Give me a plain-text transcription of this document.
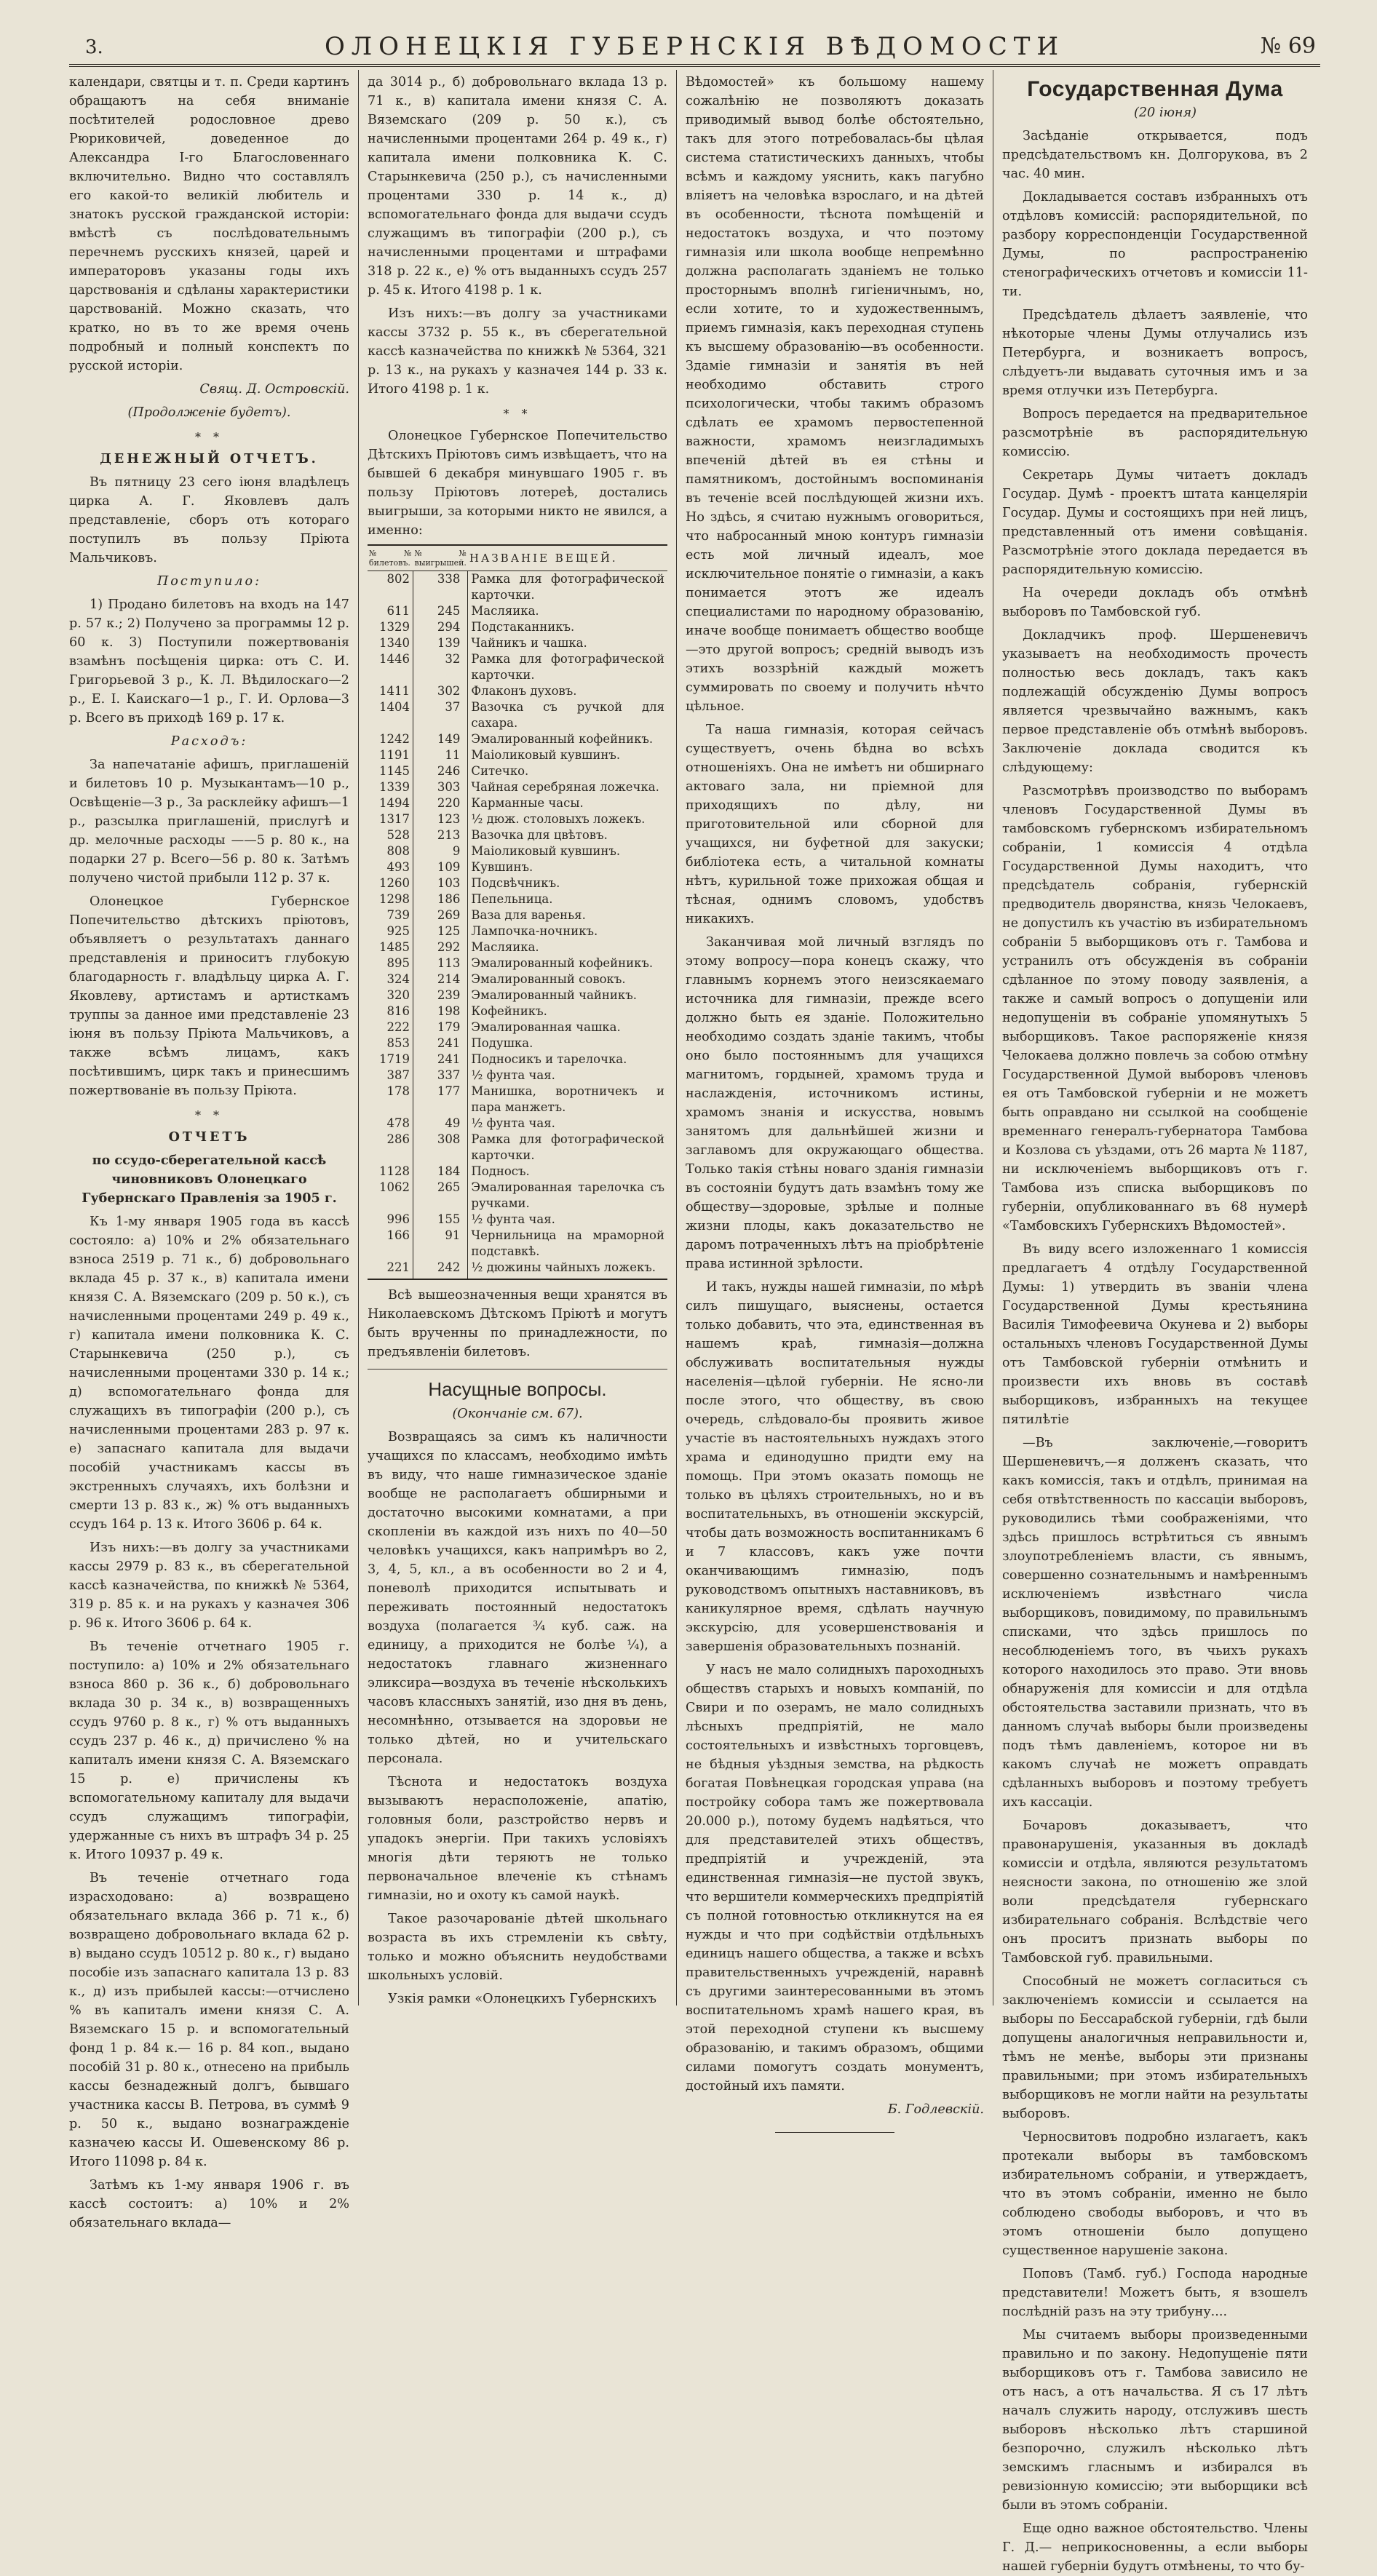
3.	ОЛОНЕЦКІЯ ГУБЕРНСКІЯ ВѢДОМОСТИ	№ 69

календари, святцы и т. п. Среди картинъ обращаютъ на себя вниманіе посѣтителей родословное древо Рюриковичей, доведенное до Александра I-го Благословеннаго включительно. Видно что составлялъ его какой-то великій любитель и знатокъ русской гражданской исторіи: вмѣстѣ съ послѣдовательнымъ перечнемъ русскихъ князей, царей и императоровъ указаны годы ихъ царствованія и сдѣланы характеристики царствованій. Можно сказать, что кратко, но въ то же время очень подробный и полный конспектъ по русской исторіи.

Свящ. Д. Островскій.

(Продолженіе будетъ).

* *

ДЕНЕЖНЫЙ ОТЧЕТЪ.

Въ пятницу 23 сего іюня владѣлецъ цирка А. Г. Яковлевъ далъ представленіе, сборъ отъ котораго поступилъ въ пользу Пріюта Мальчиковъ.

Поступило:

1) Продано билетовъ на входъ на 147 р. 57 к.; 2) Получено за программы 12 р. 60 к. 3) Поступили пожертвованія взамѣнъ посѣщенія цирка: отъ С. И. Григорьевой 3 р., К. Л. Вѣдилоскаго—2 р., Е. І. Каискаго—1 р., Г. И. Орлова—3 р. Всего въ приходѣ 169 р. 17 к.

Расходъ:

За напечатаніе афишъ, приглашеній и билетовъ 10 р. Музыкантамъ—10 р., Освѣщеніе—3 р., За расклейку афишъ—1 р., разсылка приглашеній, прислугѣ и др. мелочные расходы ——5 р. 80 к., на подарки 27 р. Всего—56 р. 80 к. Затѣмъ получено чистой прибыли 112 р. 37 к.

Олонецкое Губернское Попечительство дѣтскихъ пріютовъ, объявляетъ о результатахъ даннаго представленія и приноситъ глубокую благодарность г. владѣльцу цирка А. Г. Яковлеву, артистамъ и артисткамъ труппы за данное ими представленіе 23 іюня въ пользу Пріюта Мальчиковъ, а также всѣмъ лицамъ, какъ посѣтившимъ, цирк такъ и принесшимъ пожертвованіе въ пользу Пріюта.

* *

ОТЧЕТЪ

по ссудо-сберегательной кассѣ чиновниковъ Олонецкаго Губернскаго Правленія за 1905 г.

Къ 1-му января 1905 года въ кассѣ состояло: а) 10% и 2% обязательнаго взноса 2519 р. 71 к., б) добровольнаго вклада 45 р. 37 к., в) капитала имени князя С. А. Вяземскаго (209 р. 50 к.), съ начисленными процентами 249 р. 49 к., г) капитала имени полковника К. С. Старынкевича (250 р.), съ начисленными процентами 330 р. 14 к.; д) вспомогательнаго фонда для служащихъ въ типографіи (200 р.), съ начисленными процентами 283 р. 97 к. е) запаснаго капитала для выдачи пособій участникамъ кассы въ экстренныхъ случаяхъ, ихъ болѣзни и смерти 13 р. 83 к., ж) % отъ выданныхъ ссудъ 164 р. 13 к. Итого 3606 р. 64 к.

Изъ нихъ:—въ долгу за участниками кассы 2979 р. 83 к., въ сберегательной кассѣ казначейства, по книжкѣ № 5364, 319 р. 85 к. и на рукахъ у казначея 306 р. 96 к. Итого 3606 р. 64 к.

Въ теченіе отчетнаго 1905 г. поступило: а) 10% и 2% обязательнаго взноса 860 р. 36 к., б) добровольнаго вклада 30 р. 34 к., в) возвращенныхъ ссудъ 9760 р. 8 к., г) % отъ выданныхъ ссудъ 237 р. 46 к., д) причислено % на капиталъ имени князя С. А. Вяземскаго 15 р. е) причислены къ вспомогательному капиталу для выдачи ссудъ служащимъ типографіи, удержанные съ нихъ въ штрафъ 34 р. 25 к. Итого 10937 р. 49 к.

Въ теченіе отчетнаго года израсходовано: а) возвращено обязательнаго вклада 366 р. 71 к., б) возвращено добровольнаго вклада 62 р. в) выдано ссудъ 10512 р. 80 к., г) выдано пособіе изъ запаснаго капитала 13 р. 83 к., д) изъ прибылей кассы:—отчислено % въ капиталъ имени князя С. А. Вяземскаго 15 р. и вспомогательный фонд 1 р. 84 к.— 16 р. 84 коп., выдано пособій 31 р. 80 к., отнесено на прибыль кассы безнадежный долгъ, бывшаго участника кассы В. Петрова, въ суммѣ 9 р. 50 к., выдано вознагражденіе казначею кассы И. Ошевенскому 86 р. Итого 11098 р. 84 к.

Затѣмъ къ 1-му января 1906 г. въ кассѣ состоитъ: а) 10% и 2% обязательнаго вклада—

да 3014 р., б) добровольнаго вклада 13 р. 71 к., в) капитала имени князя С. А. Вяземскаго (209 р. 50 к.), съ начисленными процентами 264 р. 49 к., г) капитала имени полковника К. С. Старынкевича (250 р.), съ начисленными процентами 330 р. 14 к., д) вспомогательнаго фонда для выдачи ссудъ служащимъ въ типографіи (200 р.), съ начисленными процентами и штрафами 318 р. 22 к., е) % отъ выданныхъ ссудъ 257 р. 45 к. Итого 4198 р. 1 к.

Изъ нихъ:—въ долгу за участниками кассы 3732 р. 55 к., въ сберегательной кассѣ казначейства по книжкѣ № 5364, 321 р. 13 к., на рукахъ у казначея 144 р. 33 к. Итого 4198 р. 1 к.

* *

Олонецкое Губернское Попечительство Дѣтскихъ Пріютовъ симъ извѣщаетъ, что на бывшей 6 декабря минувшаго 1905 г. въ пользу Пріютовъ лотереѣ, достались выигрыши, за которыми никто не явился, а именно:

№№ билетовъ.	№№ выигрышей.	НАЗВАНІЕ ВЕЩЕЙ.
802	338	Рамка для фотографической карточки.
611	245	Масляика.
1329	294	Подстаканникъ.
1340	139	Чайникъ и чашка.
1446	32	Рамка для фотографической карточки.
1411	302	Флаконъ духовъ.
1404	37	Вазочка съ ручкой для сахара.
1242	149	Эмалированный кофейникъ.
1191	11	Маіоликовый кувшинъ.
1145	246	Ситечко.
1339	303	Чайная серебряная ложечка.
1494	220	Карманные часы.
1317	123	½ дюж. столовыхъ ложекъ.
528	213	Вазочка для цвѣтовъ.
808	9	Маіоликовый кувшинъ.
493	109	Кувшинъ.
1260	103	Подсвѣчникъ.
1298	186	Пепельница.
739	269	Ваза для варенья.
925	125	Лампочка-ночникъ.
1485	292	Масляика.
895	113	Эмалированный кофейникъ.
324	214	Эмалированный совокъ.
320	239	Эмалированный чайникъ.
816	198	Кофейникъ.
222	179	Эмалированная чашка.
853	241	Подушка.
1719	241	Подносикъ и тарелочка.
387	337	½ фунта чая.
178	177	Манишка, воротничекъ и пара манжетъ.
478	49	½ фунта чая.
286	308	Рамка для фотографической карточки.
1128	184	Подносъ.
1062	265	Эмалированная тарелочка съ ручками.
996	155	½ фунта чая.
166	91	Чернильница на мраморной подставкѣ.
221	242	½ дюжины чайныхъ ложекъ.

Всѣ вышеозначенныя вещи хранятся въ Николаевскомъ Дѣтскомъ Пріютѣ и могутъ быть врученны по принадлежности, по предъявленіи билетовъ.

Насущные вопросы.

(Окончаніе см. 67).

Возвращаясь за симъ къ наличности учащихся по классамъ, необходимо имѣть въ виду, что наше гимназическое зданіе вообще не располагаетъ обширными и достаточно высокими комнатами, а при скопленіи въ каждой изъ нихъ по 40—50 человѣкъ учащихся, какъ напримѣръ во 2, 3, 4, 5, кл., а въ особенности во 2 и 4, поневолѣ приходится испытывать и переживать постоянный недостатокъ воздуха (полагается ¾ куб. саж. на единицу, а приходится не болѣе ¼), а недостатокъ главнаго жизненнаго эликсира—воздуха въ теченіе нѣсколькихъ часовъ классныхъ занятій, изо дня въ день, несомнѣнно, отзывается на здоровьи не только дѣтей, но и учительскаго персонала.

Тѣснота и недостатокъ воздуха вызываютъ нерасположеніе, апатію, головныя боли, разстройство нервъ и упадокъ энергіи. При такихъ условіяхъ многія дѣти теряютъ не только первоначальное влеченіе къ стѣнамъ гимназіи, но и охоту къ самой наукѣ.

Такое разочарованіе дѣтей школьнаго возраста въ ихъ стремленіи къ свѣту, только и можно объяснить неудобствами школьныхъ условій.

Узкія рамки «Олонецкихъ Губернскихъ

Вѣдомостей» къ большому нашему сожалѣнію не позволяютъ доказать приводимый вывод болѣе обстоятельно, такъ для этого потребовалась-бы цѣлая система статистическихъ данныхъ, чтобы всѣмъ и каждому уяснить, какъ пагубно вліяетъ на человѣка взрослаго, и на дѣтей въ особенности, тѣснота помѣщеній и недостатокъ воздуха, и что поэтому гимназія или школа вообще непремѣнно должна располагать зданіемъ не только просторнымъ вполнѣ гигіеничнымъ, но, если хотите, то и художественнымъ, приемъ гимназія, какъ переходная ступень къ высшему образованію—въ особенности. Здаміе гимназіи и занятія въ ней необходимо обставить строго психологически, чтобы такимъ образомъ сдѣлать ее храмомъ первостепенной важности, храмомъ неизгладимыхъ впеченій дѣтей въ ея стѣны и памятникомъ, достойнымъ воспоминанія въ теченіе всей послѣдующей жизни ихъ. Но здѣсь, я считаю нужнымъ оговориться, что набросанный мною контуръ гимназіи есть мой личный идеалъ, мое исключительное понятіе о гимназіи, а какъ понимается этотъ же идеалъ специалистами по народному образованію, иначе вообще понимаетъ общество вообще—это другой вопросъ; средній выводъ изъ этихъ воззрѣній каждый можетъ суммировать по своему и получить нѣчто цѣльное.

Та наша гимназія, которая сейчасъ существуетъ, очень бѣдна во всѣхъ отношеніяхъ. Она не имѣетъ ни обширнаго актоваго зала, ни пріемной для приходящихъ по дѣлу, ни приготовительной или сборной для учащихся, ни буфетной для закуски; библіотека есть, а читальной комнаты нѣтъ, курильной тоже прихожая общая и тѣсная, однимъ словомъ, удобствъ никакихъ.

Заканчивая мой личный взглядъ по этому вопросу—пора конецъ скажу, что главнымъ корнемъ этого неизсякаемаго источника для гимназіи, прежде всего должно быть ея зданіе. Положительно необходимо создать зданіе такимъ, чтобы оно было постояннымъ для учащихся магнитомъ, гордыней, храмомъ труда и наслажденія, источникомъ истины, храмомъ знанія и искусства, новымъ занятомъ для дальнѣйшей жизни и заглавомъ для окружающаго общества. Только такія стѣны новаго зданія гимназіи въ состояніи будутъ дать взамѣнъ тому же обществу—здоровые, зрѣлые и полные жизни плоды, какъ доказательство не даромъ потраченныхъ лѣтъ на пріобрѣтеніе права истинной зрѣлости.

И такъ, нужды нашей гимназіи, по мѣрѣ силъ пишущаго, выяснены, остается только добавить, что эта, единственная въ нашемъ краѣ, гимназія—должна обслуживать воспитательныя нужды населенія—цѣлой губерніи. Не ясно-ли после этого, что обществу, въ свою очередь, слѣдовало-бы проявить живое участіе въ настоятельныхъ нуждахъ этого храма и единодушно придти ему на помощь. При этомъ оказать помощь не только въ цѣляхъ строительныхъ, но и въ воспитательныхъ, въ отношеніи экскурсій, чтобы дать возможность воспитанникамъ 6 и 7 классовъ, какъ уже почти оканчивающимъ гимназію, подъ руководствомъ опытныхъ наставниковъ, въ каникулярное время, сдѣлать научную экскурсію, для усовершенствованія и завершенія образовательныхъ познаній.

У насъ не мало солидныхъ пароходныхъ обществъ старыхъ и новыхъ компаній, по Свири и по озерамъ, не мало солидныхъ лѣсныхъ предпріятій, не мало состоятельныхъ и извѣстныхъ торговцевъ, не бѣдныя уѣздныя земства, на рѣдкость богатая Повѣнецкая городская управа (на постройку собора тамъ же пожертвовала 20.000 р.), потому будемъ надѣяться, что для представителей этихъ обществъ, предпріятій и учрежденій, эта единственная гимназія—не пустой звукъ, что вершители коммерческихъ предпріятій съ полной готовностью откликнутся на ея нужды и что при содѣйствіи отдѣльныхъ единицъ нашего общества, а также и всѣхъ правительственныхъ учрежденій, наравнѣ съ другими заинтересованными въ этомъ воспитательномъ храмѣ нашего края, въ этой переходной ступени къ высшему образованію, и такимъ образомъ, общими силами помогутъ создать монументъ, достойный ихъ памяти.

Б. Годлевскій.

Государственная Дума

(20 іюня)

Засѣданіе открывается, подъ предсѣдательствомъ кн. Долгорукова, въ 2 час. 40 мин.

Докладывается составъ избранныхъ отъ отдѣловъ комиссій: распорядительной, по разбору корреспонденціи Государственной Думы, по распространенію стенографическихъ отчетовъ и комиссіи 11-ти.

Предсѣдатель дѣлаетъ заявленіе, что нѣкоторые члены Думы отлучались изъ Петербурга, и возникаетъ вопросъ, слѣдуетъ-ли выдавать суточныя имъ и за время отлучки изъ Петербурга.

Вопросъ передается на предварительное разсмотрѣніе въ распорядительную комиссію.

Секретарь Думы читаетъ докладъ Государ. Думѣ - проектъ штата канцеляріи Государ. Думы и состоящихъ при ней лицъ, представленный отъ имени совѣщанія. Разсмотрѣніе этого доклада передается въ распорядительную комиссію.

На очереди докладъ объ отмѣнѣ выборовъ по Тамбовской губ.

Докладчикъ проф. Шершеневичъ указываетъ на необходимость прочесть полностью весь докладъ, такъ какъ подлежащій обсужденію Думы вопросъ является чрезвычайно важнымъ, какъ первое представленіе объ отмѣнѣ выборовъ. Заключеніе доклада сводится къ слѣдующему:

Разсмотрѣвъ производство по выборамъ членовъ Государственной Думы въ тамбовскомъ губернскомъ избирательномъ собраніи, 1 комиссія 4 отдѣла Государственной Думы находитъ, что предсѣдатель собранія, губернскій предводитель дворянства, князь Челокаевъ, не допустилъ къ участію въ избирательномъ собраніи 5 выборщиковъ отъ г. Тамбова и устранилъ отъ обсужденія въ собраніи сдѣланное по этому поводу заявленія, а также и самый вопросъ о допущеніи или недопущеніи въ собраніе упомянутыхъ 5 выборщиковъ. Такое распоряженіе князя Челокаева должно повлечь за собою отмѣну Государственной Думой выборовъ членовъ ея отъ Тамбовской губерніи и не можетъ быть оправдано ни ссылкой на сообщеніе временнаго генералъ-губернатора Тамбова и Козлова съ уѣздами, отъ 26 марта № 1187, ни исключеніемъ выборщиковъ отъ г. Тамбова изъ списка выборщиковъ по губерніи, опубликованнаго въ 68 нумерѣ «Тамбовскихъ Губернскихъ Вѣдомостей».

Въ виду всего изложеннаго 1 комиссія предлагаетъ 4 отдѣлу Государственной Думы: 1) утвердить въ званіи члена Государственной Думы крестьянина Василія Тимофеевича Окунева и 2) выборы остальныхъ членовъ Государственной Думы отъ Тамбовской губерніи отмѣнить и произвести ихъ вновь въ составѣ выборщиковъ, избранныхъ на текущее пятилѣтіе

—Въ заключеніе,—говоритъ Шершеневичъ,—я долженъ сказать, что какъ комиссія, такъ и отдѣлъ, принимая на себя отвѣтственность по кассаціи выборовъ, руководились тѣми соображеніями, что здѣсь пришлось встрѣтиться съ явнымъ злоупотребленіемъ власти, съ явнымъ, совершенно сознательнымъ и намѣреннымъ исключеніемъ извѣстнаго числа выборщиковъ, повидимому, по правильнымъ списками, что здѣсь пришлось по несоблюденіемъ того, въ чьихъ рукахъ которого находилось это право. Эти вновь обнаруженія для комиссіи и для отдѣла обстоятельства заставили признать, что въ данномъ случаѣ выборы были произведены подъ тѣмъ давленіемъ, которое ни въ какомъ случаѣ не можетъ оправдать сдѣланныхъ выборовъ и поэтому требуетъ ихъ кассаціи.

Бочаровъ доказываетъ, что правонарушенія, указанныя въ докладѣ комиссіи и отдѣла, являются результатомъ неясности закона, по отношенію же злой воли предсѣдателя губернскаго избирательнаго собранія. Вслѣдствіе чего онъ проситъ признать выборы по Тамбовской губ. правильными.

Способный не можетъ согласиться съ заключеніемъ комиссіи и ссылается на выборы по Бессарабской губерніи, гдѣ были допущены аналогичныя неправильности и, тѣмъ не менѣе, выборы эти признаны правильными; при этомъ избирательныхъ выборщиковъ не могли найти на результаты выборовъ.

Черносвитовъ подробно излагаетъ, какъ протекали выборы въ тамбовскомъ избирательномъ собраніи, и утверждаетъ, что въ этомъ собраніи, именно не было соблюдено свободы выборовъ, и что въ этомъ отношеніи было допущено существенное нарушеніе закона.

Поповъ (Тамб. губ.) Господа народные представители! Можетъ быть, я взошелъ послѣдній разъ на эту трибуну....

Мы считаемъ выборы произведенными правильно и по закону. Недопущеніе пяти выборщиковъ отъ г. Тамбова зависило не отъ насъ, а отъ начальства. Я съ 17 лѣтъ началъ служить народу, отслуживъ шесть выборовъ нѣсколько лѣтъ старшиной безпорочно, служилъ нѣсколько лѣтъ земскимъ гласнымъ и избирался въ ревизіонную комиссію; эти выборщики всѣ были въ этомъ собраніи.

Еще одно важное обстоятельство. Члены Г. Д.— неприкосновенны, а если выборы нашей губерніи будутъ отмѣнены, то что бу-
